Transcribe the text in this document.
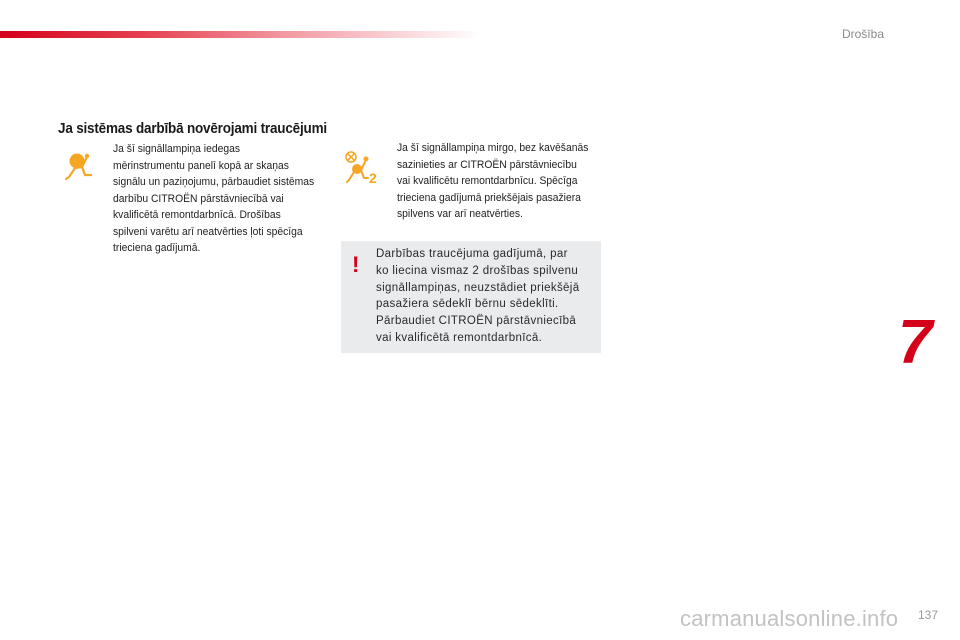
Drošība
Ja sistēmas darbībā novērojami traucējumi
Ja šī signāllampiņa iedegas
mērinstrumentu panelī kopā ar skaņas
signālu un paziņojumu, pārbaudiet sistēmas
darbību CITROËN pārstāvniecībā vai
kvalificētā remontdarbnīcā. Drošības
spilveni varētu arī neatvērties ļoti spēcīga
trieciena gadījumā.
2
Ja šī signāllampiņa mirgo, bez kavēšanās
sazinieties ar CITROËN pārstāvniecību
vai kvalificētu remontdarbnīcu. Spēcīga
trieciena gadījumā priekšējais pasažiera
spilvens var arī neatvērties.
! Darbības traucējuma gadījumā, par
ko liecina vismaz 2 drošības spilvenu
signāllampiņas, neuzstādiet priekšējā
pasažiera sēdeklī bērnu sēdeklīti.
Pārbaudiet CITROËN pārstāvniecībā
vai kvalificētā remontdarbnīcā.	7
carmanualsonline.info 137
